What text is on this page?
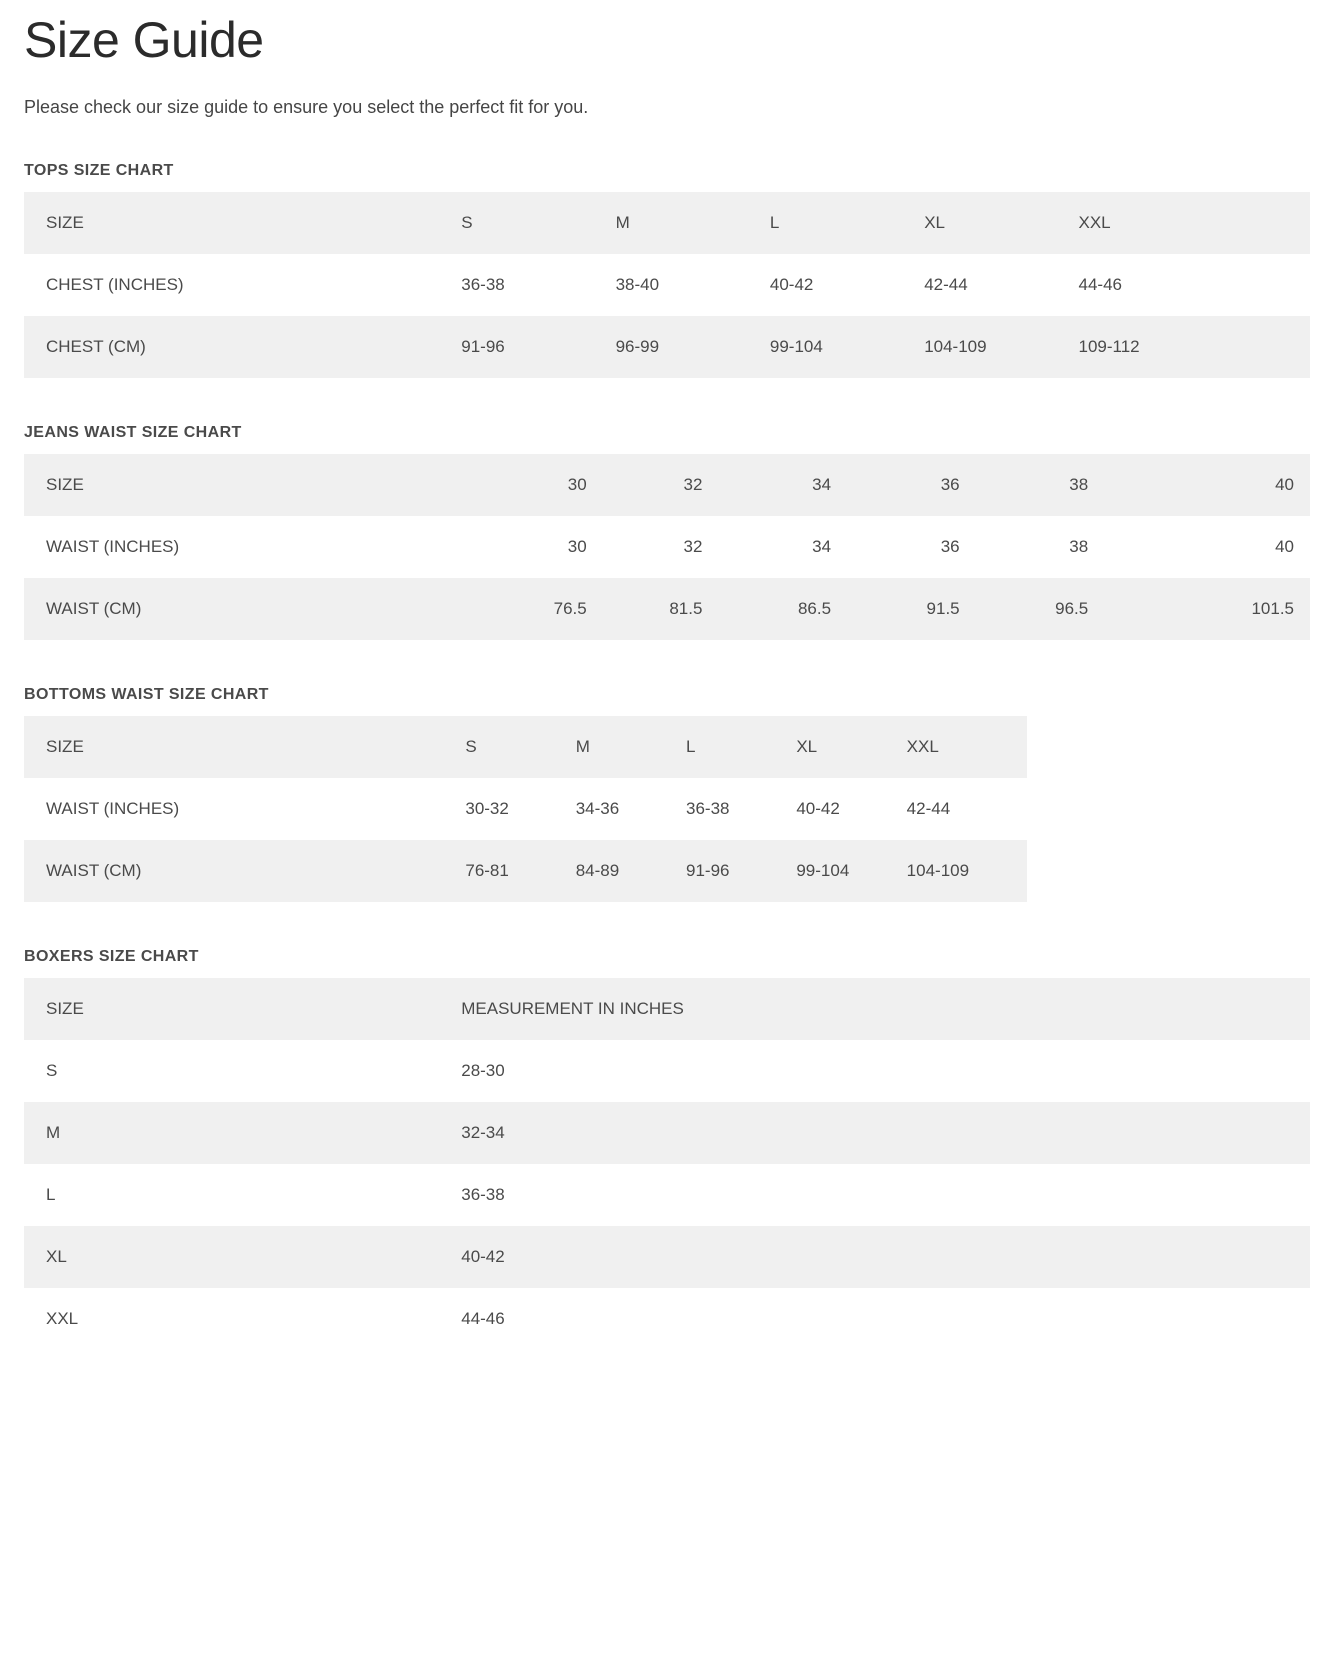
Size Guide

Please check our size guide to ensure you select the perfect fit for you.

TOPS SIZE CHART
SIZE	S	M	L	XL	XXL
CHEST (INCHES)	36-38	38-40	40-42	42-44	44-46
CHEST (CM)	91-96	96-99	99-104	104-109	109-112
JEANS WAIST SIZE CHART
SIZE	30	32	34	36	38	40
WAIST (INCHES)	30	32	34	36	38	40
WAIST (CM)	76.5	81.5	86.5	91.5	96.5	101.5
BOTTOMS WAIST SIZE CHART
SIZE	S	M	L	XL	XXL
WAIST (INCHES)	30-32	34-36	36-38	40-42	42-44
WAIST (CM)	76-81	84-89	91-96	99-104	104-109
BOXERS SIZE CHART
SIZE	MEASUREMENT IN INCHES
S	28-30
M	32-34
L	36-38
XL	40-42
XXL	44-46
